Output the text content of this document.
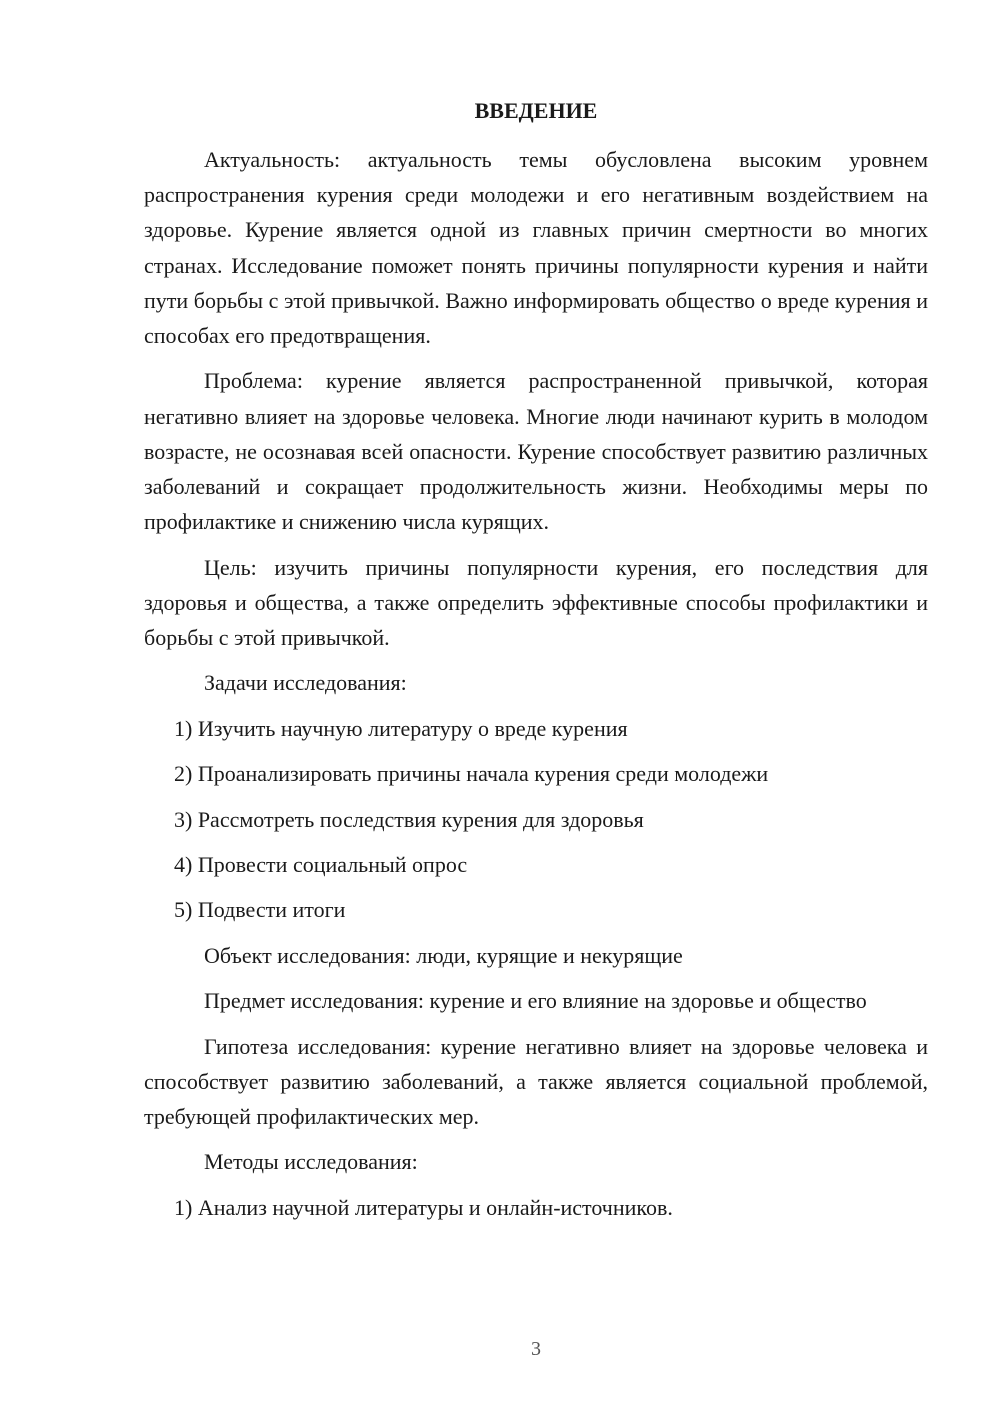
ВВЕДЕНИЕ

Актуальность: актуальность темы обусловлена высоким уровнем распространения курения среди молодежи и его негативным воздействием на здоровье. Курение является одной из главных причин смертности во многих странах. Исследование поможет понять причины популярности курения и найти пути борьбы с этой привычкой. Важно информировать общество о вреде курения и способах его предотвращения.

Проблема: курение является распространенной привычкой, которая негативно влияет на здоровье человека. Многие люди начинают курить в молодом возрасте, не осознавая всей опасности. Курение способствует развитию различных заболеваний и сокращает продолжительность жизни. Необходимы меры по профилактике и снижению числа курящих.

Цель: изучить причины популярности курения, его последствия для здоровья и общества, а также определить эффективные способы профилактики и борьбы с этой привычкой.

Задачи исследования:

1) Изучить научную литературу о вреде курения
2) Проанализировать причины начала курения среди молодежи
3) Рассмотреть последствия курения для здоровья
4) Провести социальный опрос
5) Подвести итоги

Объект исследования: люди, курящие и некурящие

Предмет исследования: курение и его влияние на здоровье и общество

Гипотеза исследования: курение негативно влияет на здоровье человека и способствует развитию заболеваний, а также является социальной проблемой, требующей профилактических мер.

Методы исследования:

1) Анализ научной литературы и онлайн-источников.
3
